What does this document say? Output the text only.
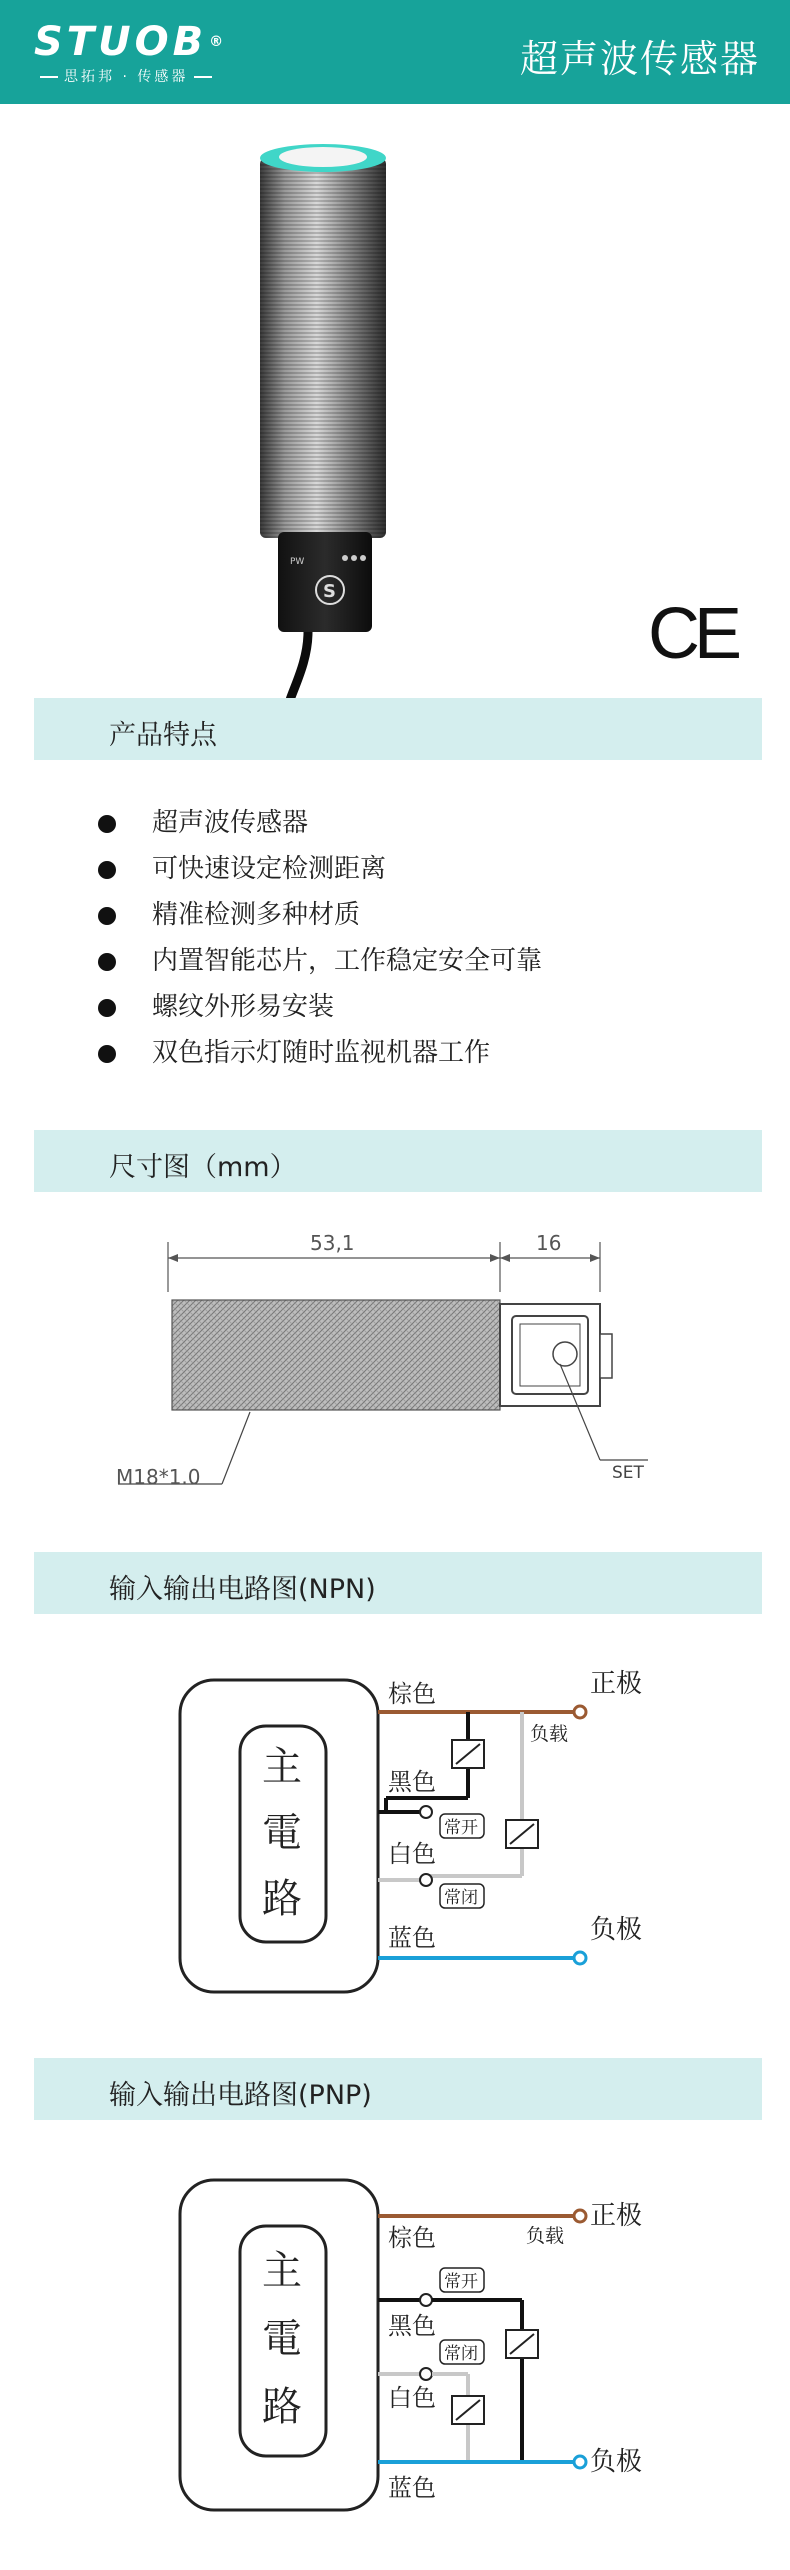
STUOB ®
思拓邦 · 传感器	超声波传感器
PW
S
CE
产品特点
超声波传感器
可快速设定检测距离
精准检测多种材质
内置智能芯片，工作稳定安全可靠
螺纹外形易安装
双色指示灯随时监视机器工作
尺寸图（mm）
53,1	16
SET
M18*1.0
输入输出电路图(NPN)
主
電
路
棕色	正极
负载
黑色
常开
白色
常闭
蓝色	负极
输入输出电路图(PNP)
主
電
路
棕色
正极
负载
黑色
常开
白色
常闭
蓝色
负极
